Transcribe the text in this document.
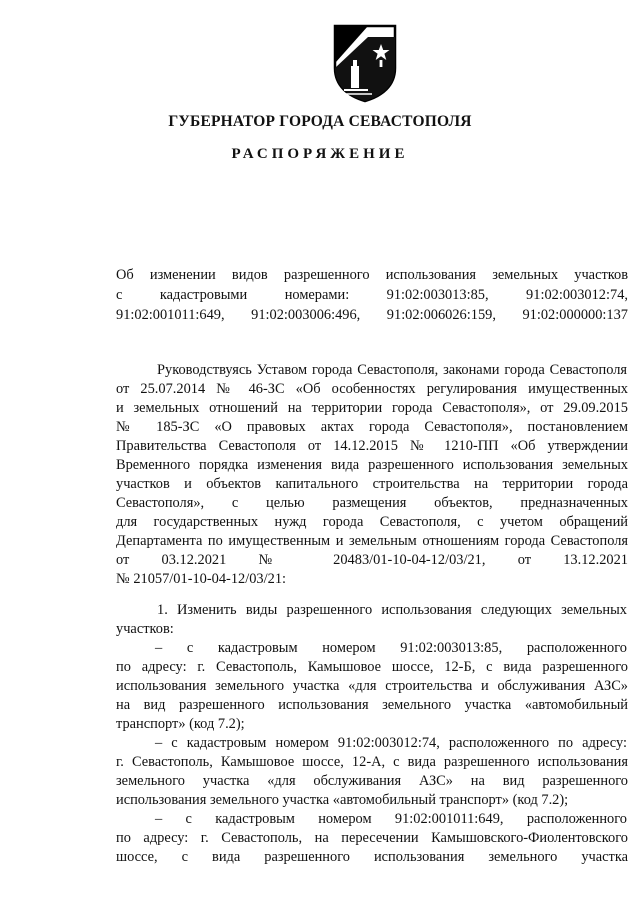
ГУБЕРНАТОР ГОРОДА СЕВАСТОПОЛЯ
РАСПОРЯЖЕНИЕ
Об изменении видов разрешенного использования земельных участков
с кадастровыми номерами: 91:02:003013:85, 91:02:003012:74,
91:02:001011:649, 91:02:003006:496, 91:02:006026:159, 91:02:000000:137
Руководствуясь Уставом города Севастополя, законами города Севастополя
от 25.07.2014 № 46-ЗС «Об особенностях регулирования имущественных
и земельных отношений на территории города Севастополя», от 29.09.2015
№ 185-ЗС «О правовых актах города Севастополя», постановлением
Правительства Севастополя от 14.12.2015 № 1210-ПП «Об утверждении
Временного порядка изменения вида разрешенного использования земельных
участков и объектов капитального строительства на территории города
Севастополя», с целью размещения объектов, предназначенных
для государственных нужд города Севастополя, с учетом обращений
Департамента по имущественным и земельным отношениям города Севастополя
от 03.12.2021 № 20483/01-10-04-12/03/21, от 13.12.2021
№ 21057/01-10-04-12/03/21:
1. Изменить виды разрешенного использования следующих земельных
участков:
– с кадастровым номером 91:02:003013:85, расположенного
по адресу: г. Севастополь, Камышовое шоссе, 12-Б, с вида разрешенного
использования земельного участка «для строительства и обслуживания АЗС»
на вид разрешенного использования земельного участка «автомобильный
транспорт» (код 7.2);
– с кадастровым номером 91:02:003012:74, расположенного по адресу:
г. Севастополь, Камышовое шоссе, 12-А, с вида разрешенного использования
земельного участка «для обслуживания АЗС» на вид разрешенного
использования земельного участка «автомобильный транспорт» (код 7.2);
– с кадастровым номером 91:02:001011:649, расположенного
по адресу: г. Севастополь, на пересечении Камышовского-Фиолентовского
шоссе, с вида разрешенного использования земельного участка
